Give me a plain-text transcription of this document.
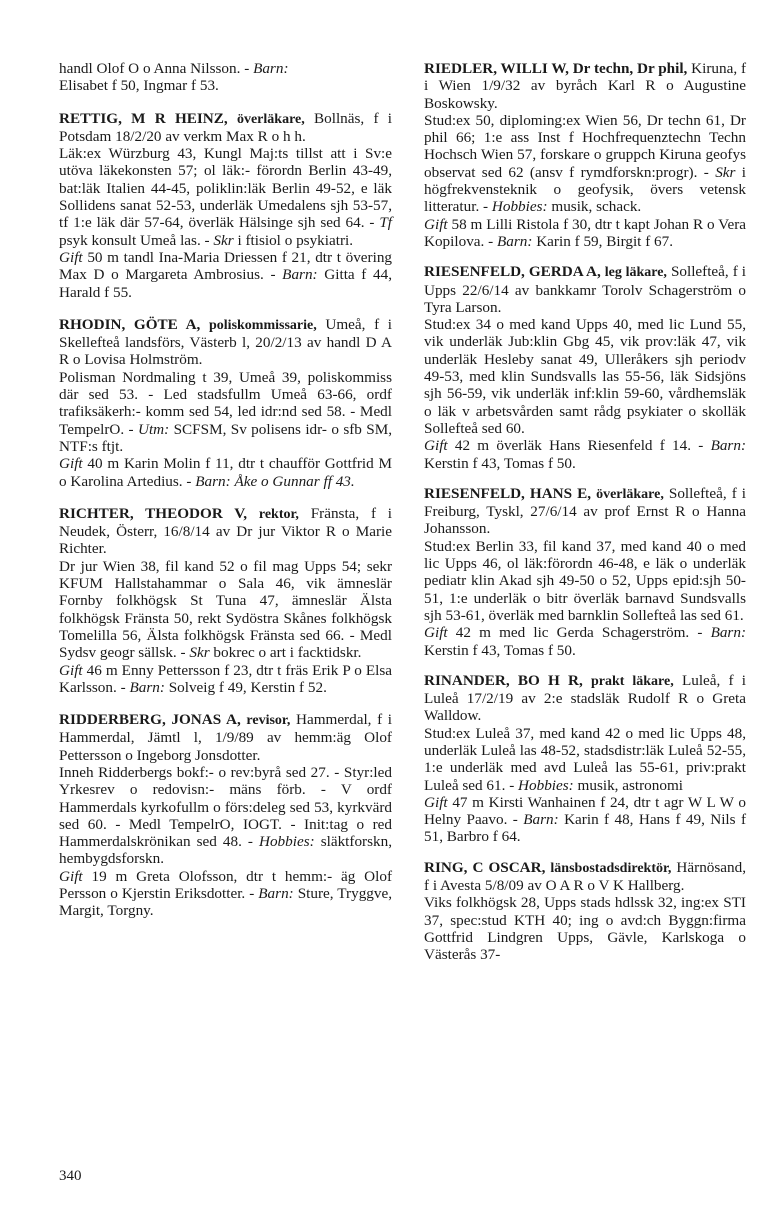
handl Olof O o Anna Nilsson. - Barn:
Elisabet f 50, Ingmar f 53.

RETTIG, M R HEINZ, överläkare, Bollnäs, f i Potsdam 18/2/20 av verkm Max R o h h.

Läk:ex Würzburg 43, Kungl Maj:ts tillst att i Sv:e utöva läkekonsten 57; ol läk:- förordn Berlin 43-49, bat:läk Italien 44-45, poliklin:läk Berlin 49-52, e läk Sollidens sanat 52-53, underläk Umedalens sjh 53-57, tf 1:e läk där 57-64, överläk Hälsinge sjh sed 64. - Tf psyk konsult Umeå las. - Skr i ftisiol o psykiatri.

Gift 50 m tandl Ina-Maria Driessen f 21, dtr t övering Max D o Margareta Ambrosius. - Barn: Gitta f 44, Harald f 55.

RHODIN, GÖTE A, poliskommissarie, Umeå, f i Skellefteå landsförs, Västerb l, 20/2/13 av handl D A R o Lovisa Holmström.

Polisman Nordmaling t 39, Umeå 39, poliskommiss där sed 53. - Led stadsfullm Umeå 63-66, ordf trafiksäkerh:- komm sed 54, led idr:nd sed 58. - Medl TempelrO. - Utm: SCFSM, Sv polisens idr- o sfb SM, NTF:s ftjt.

Gift 40 m Karin Molin f 11, dtr t chaufför Gottfrid M o Karolina Artedius. - Barn: Åke o Gunnar ff 43.

RICHTER, THEODOR V, rektor, Fränsta, f i Neudek, Österr, 16/8/14 av Dr jur Viktor R o Marie Richter.

Dr jur Wien 38, fil kand 52 o fil mag Upps 54; sekr KFUM Hallstahammar o Sala 46, vik ämneslär Fornby folkhögsk St Tuna 47, ämneslär Älsta folkhögsk Fränsta 50, rekt Sydöstra Skånes folkhögsk Tomelilla 56, Älsta folkhögsk Fränsta sed 66. - Medl Sydsv geogr sällsk. - Skr bokrec o art i facktidskr.

Gift 46 m Enny Pettersson f 23, dtr t fräs Erik P o Elsa Karlsson. - Barn: Solveig f 49, Kerstin f 52.

RIDDERBERG, JONAS A, revisor, Hammerdal, f i Hammerdal, Jämtl l, 1/9/89 av hemm:äg Olof Pettersson o Ingeborg Jonsdotter.

Inneh Ridderbergs bokf:- o rev:byrå sed 27. - Styr:led Yrkesrev o redovisn:- mäns förb. - V ordf Hammerdals kyrkofullm o förs:deleg sed 53, kyrkvärd sed 60. - Medl TempelrO, IOGT. - Init:tag o red Hammerdalskrönikan sed 48. - Hobbies: släktforskn, hembygdsforskn.

Gift 19 m Greta Olofsson, dtr t hemm:- äg Olof Persson o Kjerstin Eriksdotter. - Barn: Sture, Tryggve, Margit, Torgny.

RIEDLER, WILLI W, Dr techn, Dr phil, Kiruna, f i Wien 1/9/32 av byråch Karl R o Augustine Boskowsky.

Stud:ex 50, diploming:ex Wien 56, Dr techn 61, Dr phil 66; 1:e ass Inst f Hochfrequenztechn Techn Hochsch Wien 57, forskare o gruppch Kiruna geofys observat sed 62 (ansv f rymdforskn:progr). - Skr i högfrekvensteknik o geofysik, övers vetensk litteratur. - Hobbies: musik, schack.

Gift 58 m Lilli Ristola f 30, dtr t kapt Johan R o Vera Kopilova. - Barn: Karin f 59, Birgit f 67.

RIESENFELD, GERDA A, leg läkare, Sollefteå, f i Upps 22/6/14 av bankkamr Torolv Schagerström o Tyra Larson.

Stud:ex 34 o med kand Upps 40, med lic Lund 55, vik underläk Jub:klin Gbg 45, vik prov:läk 47, vik underläk Hesleby sanat 49, Ulleråkers sjh periodv 49-53, med klin Sundsvalls las 55-56, läk Sidsjöns sjh 56-59, vik underläk inf:klin 59-60, vårdhemsläk o läk v arbetsvården samt rådg psykiater o skolläk Sollefteå sed 60.

Gift 42 m överläk Hans Riesenfeld f 14. - Barn: Kerstin f 43, Tomas f 50.

RIESENFELD, HANS E, överläkare, Sollefteå, f i Freiburg, Tyskl, 27/6/14 av prof Ernst R o Hanna Johansson.

Stud:ex Berlin 33, fil kand 37, med kand 40 o med lic Upps 46, ol läk:förordn 46-48, e läk o underläk pediatr klin Akad sjh 49-50 o 52, Upps epid:sjh 50-51, 1:e underläk o bitr överläk barnavd Sundsvalls sjh 53-61, överläk med barnklin Sollefteå las sed 61.

Gift 42 m med lic Gerda Schagerström. - Barn: Kerstin f 43, Tomas f 50.

RINANDER, BO H R, prakt läkare, Luleå, f i Luleå 17/2/19 av 2:e stadsläk Rudolf R o Greta Walldow.

Stud:ex Luleå 37, med kand 42 o med lic Upps 48, underläk Luleå las 48-52, stadsdistr:läk Luleå 52-55, 1:e underläk med avd Luleå las 55-61, priv:prakt Luleå sed 61. - Hobbies: musik, astronomi

Gift 47 m Kirsti Wanhainen f 24, dtr t agr W L W o Helny Paavo. - Barn: Karin f 48, Hans f 49, Nils f 51, Barbro f 64.

RING, C OSCAR, länsbostadsdirektör, Härnösand, f i Avesta 5/8/09 av O A R o V K Hallberg.

Viks folkhögsk 28, Upps stads hdlssk 32, ing:ex STI 37, spec:stud KTH 40; ing o avd:ch Byggn:firma Gottfrid Lindgren Upps, Gävle, Karlskoga o Västerås 37-

340
